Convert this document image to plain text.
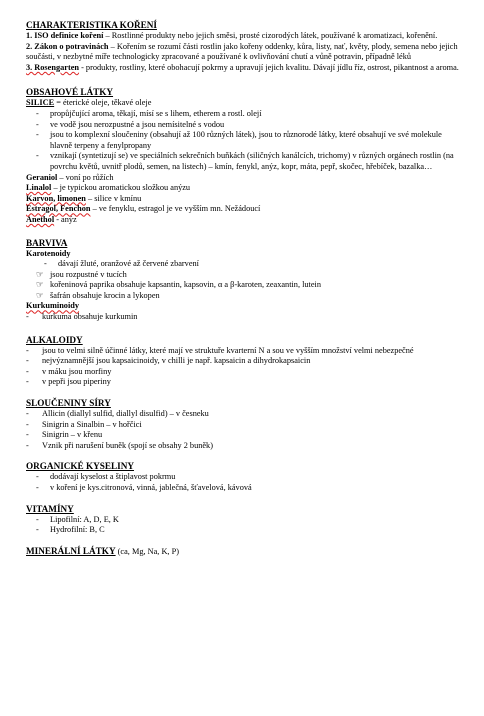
CHARAKTERISTIKA KOŘENÍ

1. ISO definice koření – Rostlinné produkty nebo jejich směsi, prosté cizorodých látek, používané k aromatizaci, kořenění.

2. Zákon o potravinách – Kořením se rozumí části rostlin jako kořeny oddenky, kůra, listy, nať, květy, plody, semena nebo jejich součásti, v nezbytné míře technologicky zpracované a používané k ovlivňování chutí a vůně potravin, případně léků

3. Rosengarten - produkty, rostliny, které obohacují pokrmy a upravují jejich kvalitu. Dávají jídlu říz, ostrost, pikantnost a aroma.

OBSAHOVÉ LÁTKY

SILICE = éterické oleje, těkavé oleje

-	propůjčující aroma, těkají, mísí se s lihem, etherem a rostl. olejí
-	ve vodě jsou nerozpustné a jsou nemísitelné s vodou
-	jsou to komplexní sloučeniny (obsahují až 100 různých látek), jsou to různorodé látky, které obsahují ve své molekule hlavně terpeny a fenylpropany
-	vznikají (syntetizují se) ve speciálních sekrečních buňkách (siličných kanálcích, trichomy) v různých orgánech rostlin (na povrchu květů, uvnitř plodů, semen, na listech) – kmín, fenykl, anýz, kopr, máta, pepř, skočec, hřebíček, bazalka…

Geraniol – voní po růžích

Linalol – je typickou aromatickou složkou anýzu

Karvon, limonen – silice v kmínu

Estragol, Fenchon – ve fenyklu, estragol je ve vyšším mn. Nežádoucí

Anethol - anýz

BARVIVA

Karotenoidy

-	dávají žluté, oranžové až červené zbarvení
☞ jsou rozpustné v tucích
☞ kořeninová paprika obsahuje kapsantin, kapsovin, α a β-karoten, zeaxantin, lutein
☞ šafrán obsahuje krocin a lykopen

Kurkuminoidy

-	kurkuma obsahuje kurkumin
ALKALOIDY
-	jsou to velmi silně účinné látky, které mají ve struktuře kvarterní N a sou ve vyšším množství velmi nebezpečné
-	nejvýznamnější jsou kapsaicinoidy, v chilli je např. kapsaicin a dihydrokapsaicin
-	v máku jsou morfiny
-	v pepři jsou piperiny
SLOUČENINY SÍRY
-	Allicin (diallyl sulfid, diallyl disulfid) – v česneku
-	Sinigrin a Sinalbin – v hořčici
-	Sinigrin – v křenu
-	Vznik při narušení buněk (spojí se obsahy 2 buněk)
ORGANICKÉ KYSELINY
-	dodávají kyselost a štiplavost pokrmu
-	v koření je kys.citronová, vinná, jablečná, šťavelová, kávová
VITAMÍNY
-	Lipofilní: A, D, E, K
-	Hydrofilní: B, C
MINERÁLNÍ LÁTKY (ca, Mg, Na, K, P)
